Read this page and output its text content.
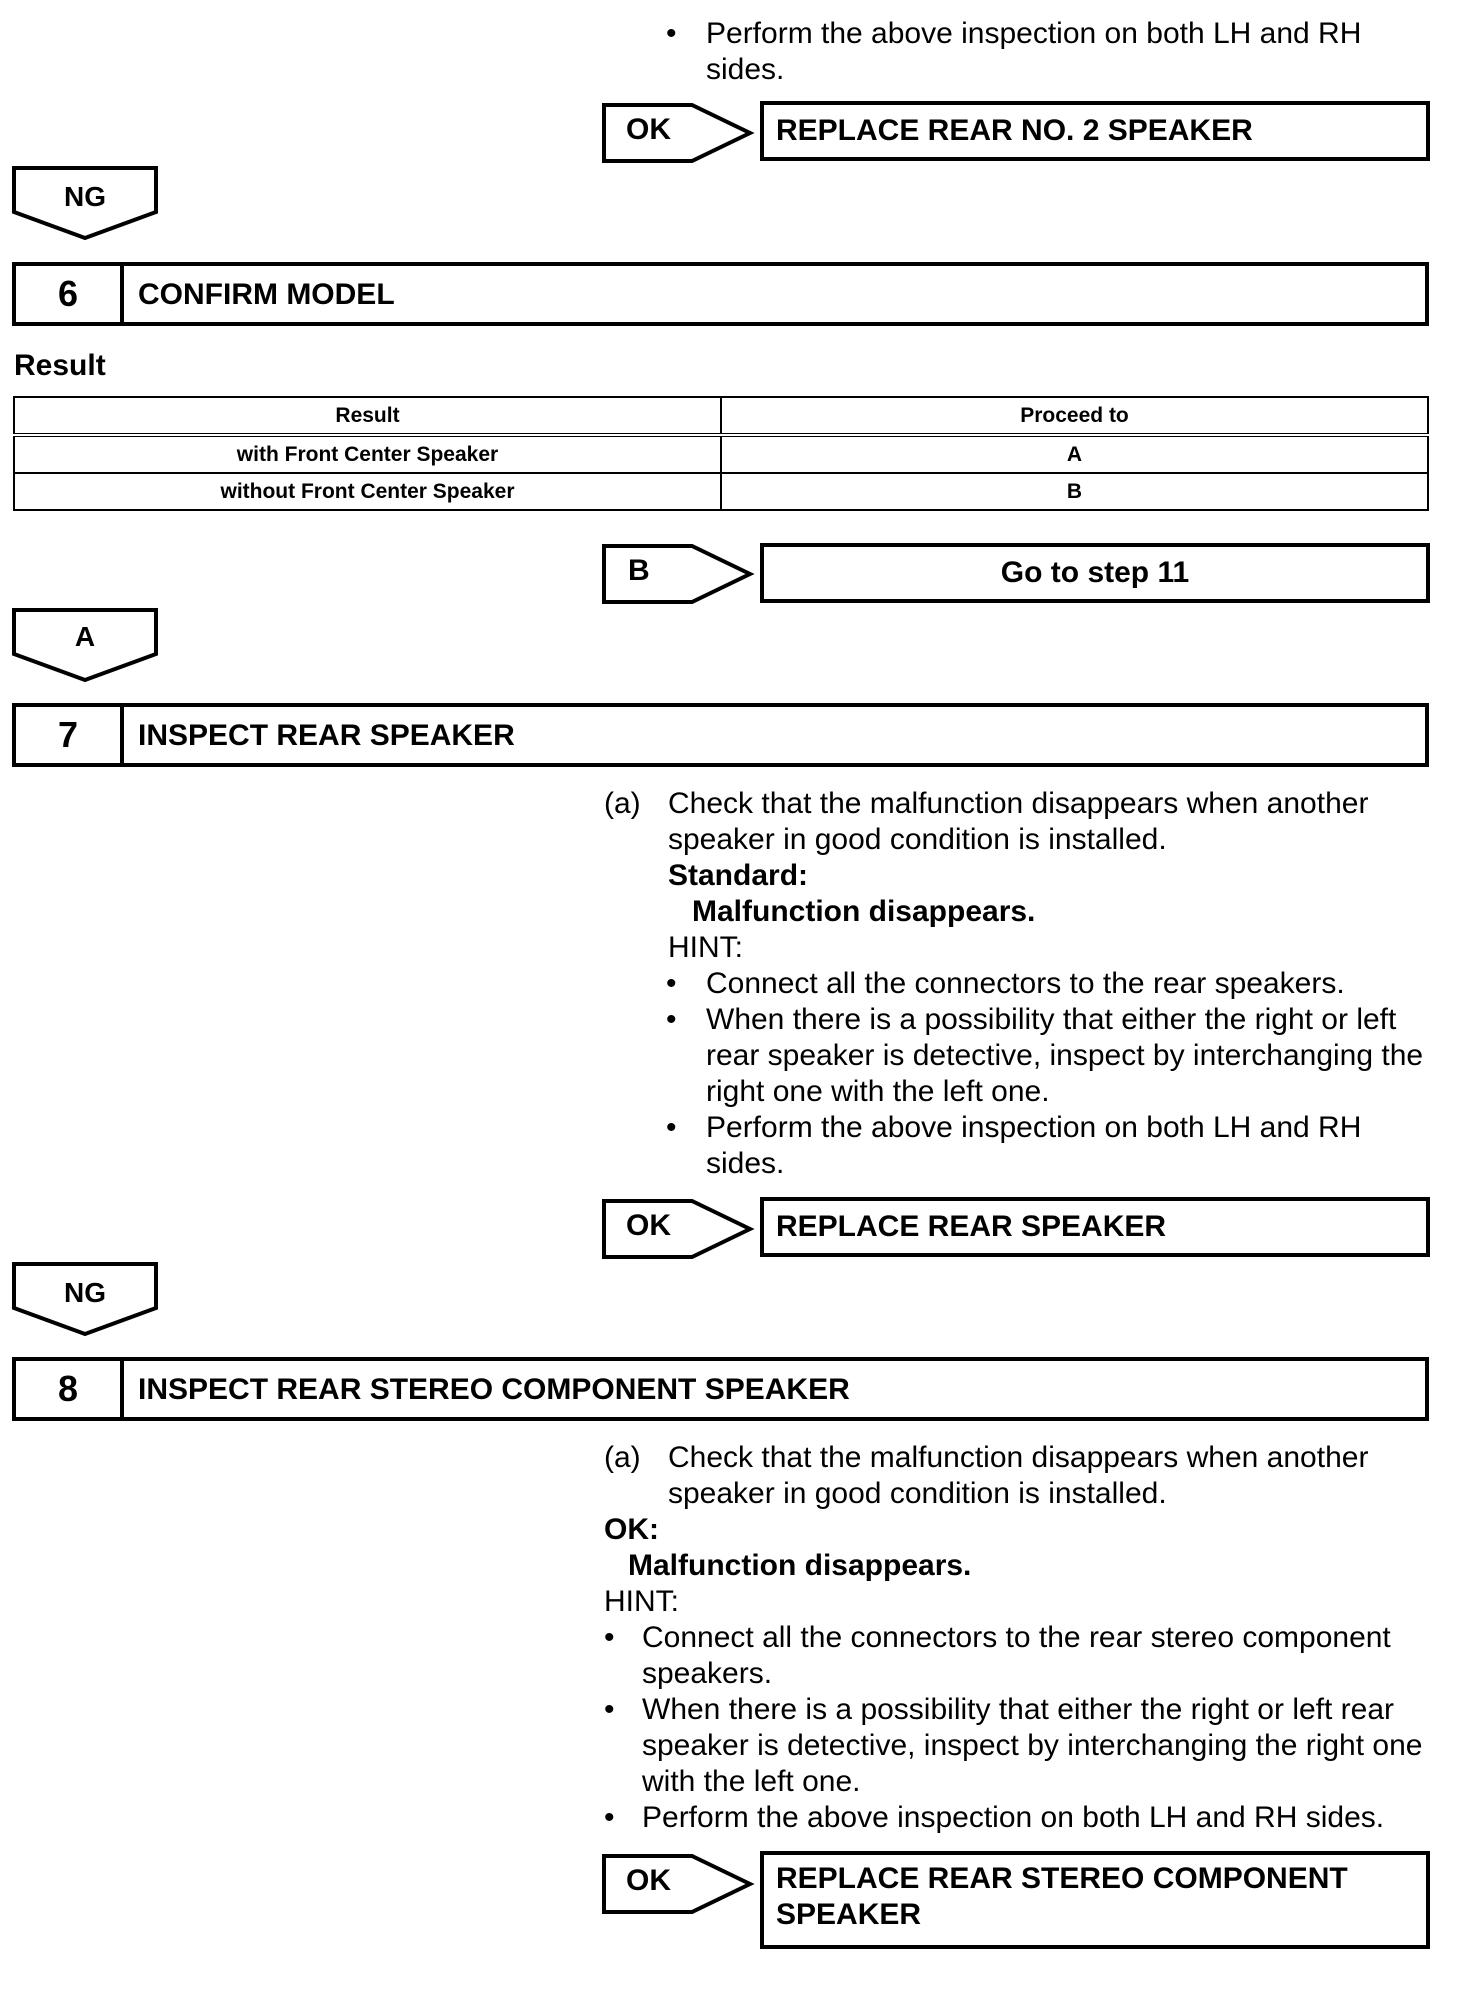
• Perform the above inspection on both LH and RH
sides.
OK	REPLACE REAR NO. 2 SPEAKER
NG
6	CONFIRM MODEL
Result
Result	Proceed to
with Front Center Speaker	A
without Front Center Speaker	B
B	Go to step 11
A
7	INSPECT REAR SPEAKER
(a) Check that the malfunction disappears when another
speaker in good condition is installed.
Standard:
Malfunction disappears.
HINT:
• Connect all the connectors to the rear speakers.
• When there is a possibility that either the right or left
rear speaker is detective, inspect by interchanging the
right one with the left one.
• Perform the above inspection on both LH and RH
sides.
OK	REPLACE REAR SPEAKER
NG
8	INSPECT REAR STEREO COMPONENT SPEAKER
(a) Check that the malfunction disappears when another
speaker in good condition is installed.
OK:
Malfunction disappears.
HINT:
• Connect all the connectors to the rear stereo component
speakers.
• When there is a possibility that either the right or left rear
speaker is detective, inspect by interchanging the right one
with the left one.
• Perform the above inspection on both LH and RH sides.
OK	REPLACE REAR STEREO COMPONENT
SPEAKER
